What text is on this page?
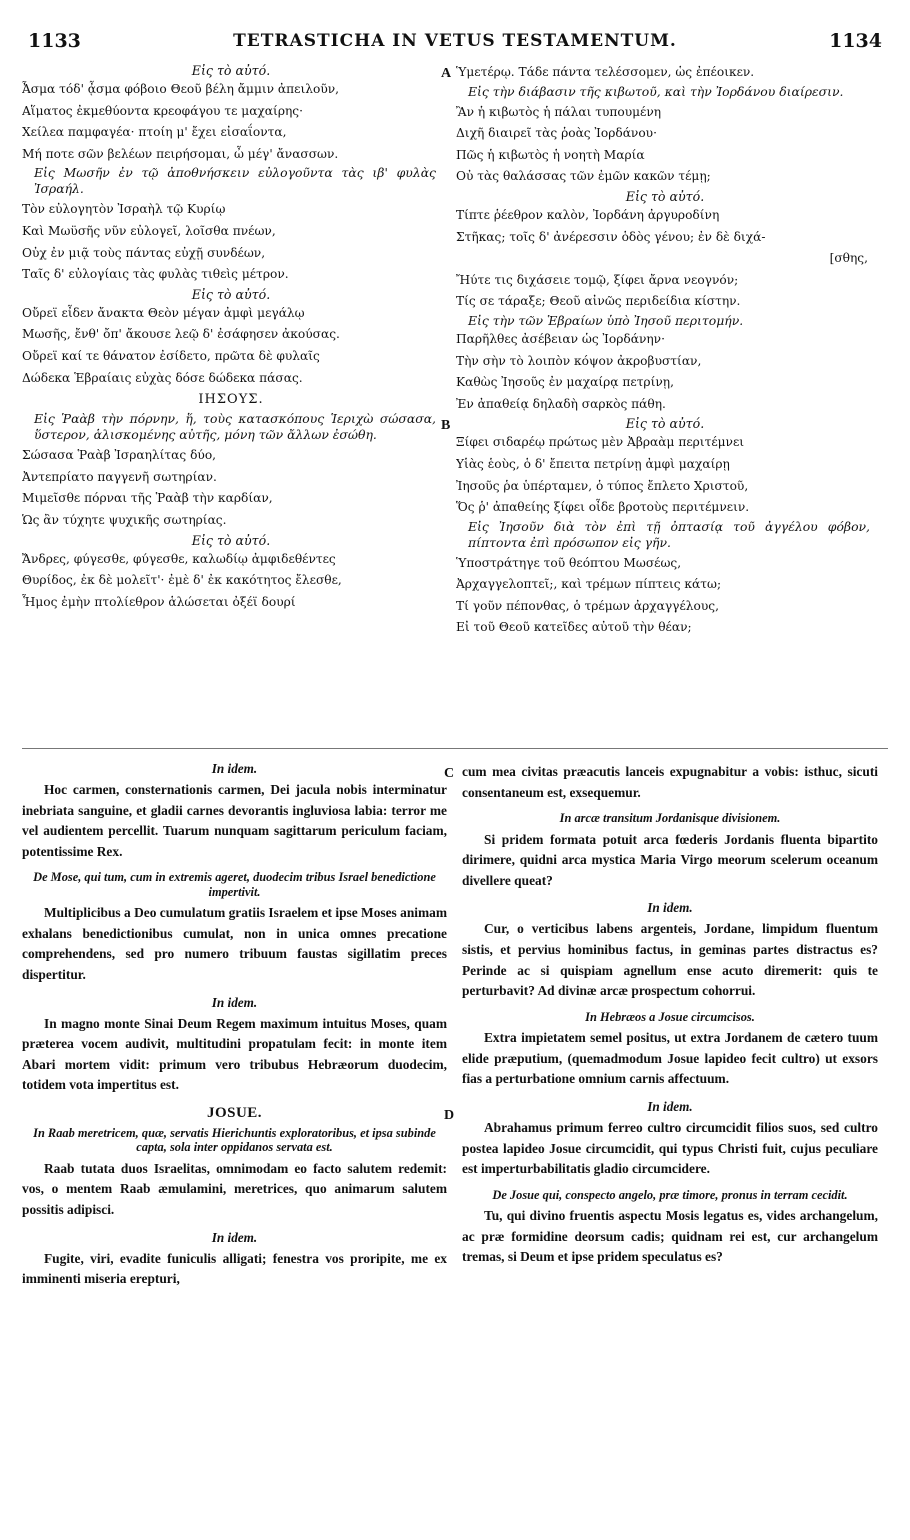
1133	TETRASTICHA IN VETUS TESTAMENTUM.	1134
A
B
C
D
Εἰς τὸ αὐτό.
Ἆσμα τόδ' ᾆσμα φόβοιο Θεοῦ βέλη ἄμμιν ἀπειλοῦν,
Αἵματος ἐκμεθύοντα κρεοφάγου τε μαχαίρης·
Χείλεα παμφαγέα· πτοίη μ' ἔχει εἰσαΐοντα,
Μή ποτε σῶν βελέων πειρήσομαι, ὦ μέγ' ἄνασσων.
Εἰς Μωσῆν ἐν τῷ ἀποθνήσκειν εὐλογοῦντα τὰς ιβ' φυλὰς Ἰσραήλ.
Τὸν εὐλογητὸν Ἰσραὴλ τῷ Κυρίῳ
Καὶ Μωϋσῆς νῦν εὐλογεῖ, λοῖσθα πνέων,
Οὐχ ἐν μιᾷ τοὺς πάντας εὐχῇ συνδέων,
Ταῖς δ' εὐλογίαις τὰς φυλὰς τιθεὶς μέτρον.
Εἰς τὸ αὐτό.
Οὔρεϊ εἶδεν ἄνακτα Θεὸν μέγαν ἀμφὶ μεγάλῳ
Μωσῆς, ἔνθ' ὄπ' ἄκουσε λεῷ δ' ἐσάφησεν ἀκούσας.
Οὔρεϊ καί τε θάνατον ἐσίδετο, πρῶτα δὲ φυλαῖς
Δώδεκα Ἑβραίαις εὐχὰς δόσε δώδεκα πάσας.
ΙΗΣΟΥΣ.
Εἰς Ῥαὰβ τὴν πόρνην, ἥ, τοὺς κατασκόπους Ἱεριχὼ σώσασα, ὕστερον, ἁλισκομένης αὐτῆς, μόνη τῶν ἄλλων ἐσώθη.
Σώσασα Ῥαὰβ Ἰσραηλίτας δύο,
Ἀντεπρίατο παγγενῆ σωτηρίαν.
Μιμεῖσθε πόρναι τῆς Ῥαὰβ τὴν καρδίαν,
Ὡς ἂν τύχητε ψυχικῆς σωτηρίας.
Εἰς τὸ αὐτό.
Ἄνδρες, φύγεσθε, φύγεσθε, καλωδίῳ ἀμφιδεθέντες
Θυρίδος, ἐκ δὲ μολεῖτ'· ἐμὲ δ' ἐκ κακότητος ἔλεσθε,
Ἧμος ἐμὴν πτολίεθρον ἁλώσεται ὀξέϊ δουρί
Ὑμετέρῳ. Τάδε πάντα τελέσσομεν, ὡς ἐπέοικεν.
Εἰς τὴν διάβασιν τῆς κιβωτοῦ, καὶ τὴν Ἰορδάνου διαίρεσιν.
Ἂν ἡ κιβωτὸς ἡ πάλαι τυπουμένη
Διχῆ διαιρεῖ τὰς ῥοὰς Ἰορδάνου·
Πῶς ἡ κιβωτὸς ἡ νοητὴ Μαρία
Οὐ τὰς θαλάσσας τῶν ἐμῶν κακῶν τέμῃ;
Εἰς τὸ αὐτό.
Τίπτε ῥέεθρον καλὸν, Ἰορδάνη ἀργυροδίνη
Στῆκας; τοῖς δ' ἀνέρεσσιν ὁδὸς γένου; ἐν δὲ διχά-
[σθης,
Ἤύτε τις διχάσειε τομῷ, ξίφει ἄρνα νεογνόν;
Τίς σε τάραξε; Θεοῦ αἰνῶς περιδείδια κίστην.
Εἰς τὴν τῶν Ἑβραίων ὑπὸ Ἰησοῦ περιτομήν.
Παρῆλθες ἀσέβειαν ὡς Ἰορδάνην·
Τὴν σὴν τὸ λοιπὸν κόψον ἀκροβυστίαν,
Καθὼς Ἰησοῦς ἐν μαχαίρᾳ πετρίνῃ,
Ἐν ἀπαθείᾳ δηλαδὴ σαρκὸς πάθη.
Εἰς τὸ αὐτό.
Ξίφει σιδαρέῳ πρώτως μὲν Ἀβραὰμ περιτέμνει
Υἱὰς ἑοὺς, ὁ δ' ἔπειτα πετρίνῃ ἀμφὶ μαχαίρῃ
Ἰησοῦς ῥα ὑπέρταμεν, ὁ τύπος ἔπλετο Χριστοῦ,
Ὅς ῥ' ἀπαθείης ξίφει οἶδε βροτοὺς περιτέμνειν.
Εἰς Ἰησοῦν διὰ τὸν ἐπὶ τῇ ὀπτασίᾳ τοῦ ἀγγέλου φόβον, πίπτοντα ἐπὶ πρόσωπον εἰς γῆν.
Ὑποστράτηγε τοῦ θεόπτου Μωσέως,
Ἀρχαγγελοπτεῖ;, καὶ τρέμων πίπτεις κάτω;
Τί γοῦν πέπονθας, ὁ τρέμων ἀρχαγγέλους,
Εἰ τοῦ Θεοῦ κατεῖδες αὐτοῦ τὴν θέαν;
In idem.

Hoc carmen, consternationis carmen, Dei jacula nobis interminatur inebriata sanguine, et gladii carnes devorantis ingluviosa labia: terror me vel audientem percellit. Tuarum nunquam sagittarum periculum faciam, potentissime Rex.

De Mose, qui tum, cum in extremis ageret, duodecim tribus Israel benedictione impertivit.

Multiplicibus a Deo cumulatum gratiis Israelem et ipse Moses animam exhalans benedictionibus cumulat, non in unica omnes precatione comprehendens, sed pro numero tribuum faustas sigillatim preces dispertitur.

In idem.

In magno monte Sinai Deum Regem maximum intuitus Moses, quam præterea vocem audivit, multitudini propatulam fecit: in monte item Abari mortem vidit: primum vero tribubus Hebræorum duodecim, totidem vota impertitus est.

JOSUE.
In Raab meretricem, quæ, servatis Hierichuntis exploratoribus, et ipsa subinde capta, sola inter oppidanos servata est.

Raab tutata duos Israelitas, omnimodam eo facto salutem redemit: vos, o mentem Raab æmulamini, meretrices, quo animarum salutem possitis adipisci.

In idem.

Fugite, viri, evadite funiculis alligati; fenestra vos proripite, me ex imminenti miseria erepturi,

cum mea civitas præacutis lanceis expugnabitur a vobis: isthuc, sicuti consentaneum est, exsequemur.

In arcæ transitum Jordanisque divisionem.

Si pridem formata potuit arca fœderis Jordanis fluenta bipartito dirimere, quidni arca mystica Maria Virgo meorum scelerum oceanum divellere queat?

In idem.

Cur, o verticibus labens argenteis, Jordane, limpidum fluentum sistis, et pervius hominibus factus, in geminas partes distractus es? Perinde ac si quispiam agnellum ense acuto diremerit: quis te perturbavit? Ad divinæ arcæ prospectum cohorrui.

In Hebræos a Josue circumcisos.

Extra impietatem semel positus, ut extra Jordanem de cætero tuum elide præputium, (quemadmodum Josue lapideo fecit cultro) ut exsors fias a perturbatione omnium carnis affectuum.

In idem.

Abrahamus primum ferreo cultro circumcidit filios suos, sed cultro postea lapideo Josue circumcidit, qui typus Christi fuit, cujus peculiare est imperturbabilitatis gladio circumcidere.

De Josue qui, conspecto angelo, præ timore, pronus in terram cecidit.

Tu, qui divino fruentis aspectu Mosis legatus es, vides archangelum, ac præ formidine deorsum cadis; quidnam rei est, cur archangelum tremas, si Deum et ipse pridem speculatus es?
